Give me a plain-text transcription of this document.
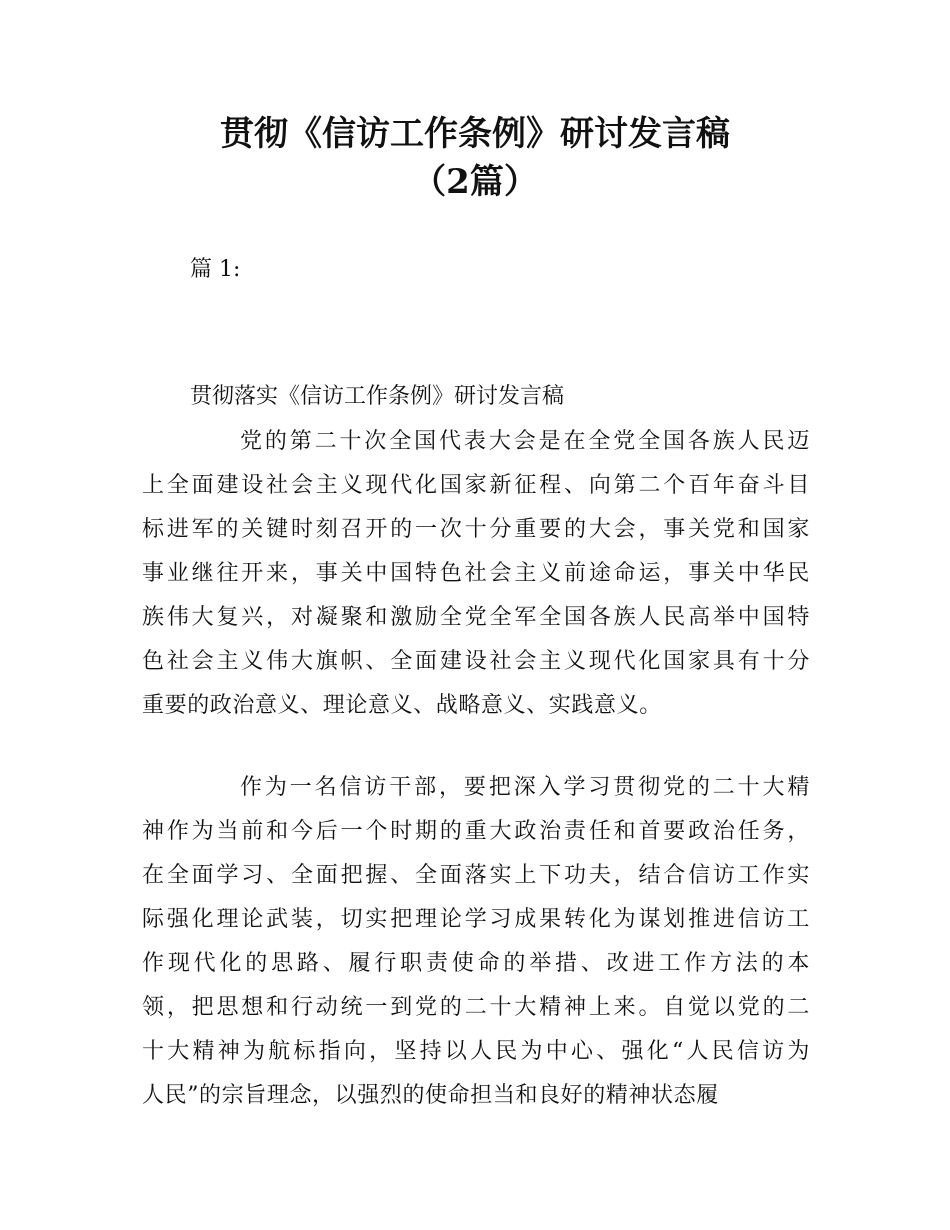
贯彻《信访工作条例》研讨发言稿
（2篇）
篇 1:
贯彻落实《信访工作条例》研讨发言稿
党的第二十次全国代表大会是在全党全国各族人民迈
上全面建设社会主义现代化国家新征程、向第二个百年奋斗目
标进军的关键时刻召开的一次十分重要的大会，事关党和国家
事业继往开来，事关中国特色社会主义前途命运，事关中华民
族伟大复兴，对凝聚和激励全党全军全国各族人民高举中国特
色社会主义伟大旗帜、全面建设社会主义现代化国家具有十分
重要的政治意义、理论意义、战略意义、实践意义。
作为一名信访干部，要把深入学习贯彻党的二十大精
神作为当前和今后一个时期的重大政治责任和首要政治任务，
在全面学习、全面把握、全面落实上下功夫，结合信访工作实
际强化理论武装，切实把理论学习成果转化为谋划推进信访工
作现代化的思路、履行职责使命的举措、改进工作方法的本
领，把思想和行动统一到党的二十大精神上来。自觉以党的二
十大精神为航标指向，坚持以人民为中心、强化“人民信访为
人民”的宗旨理念，以强烈的使命担当和良好的精神状态履
